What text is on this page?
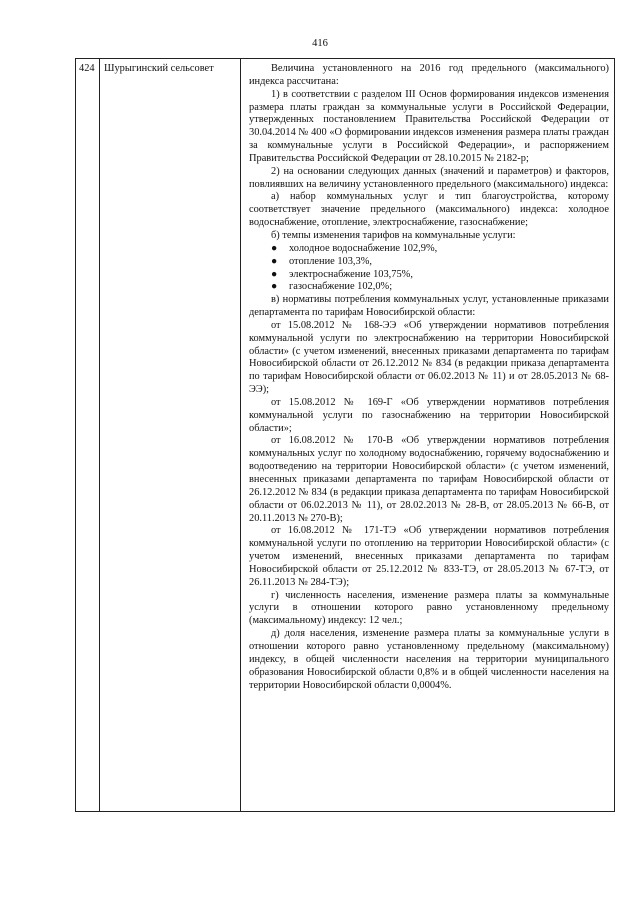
416
424	Шурыгинский сельсовет	Величина установленного на 2016 год предельного (максимального) индекса рассчитана:

1) в соответствии с разделом III Основ формирования индексов изменения размера платы граждан за коммунальные услуги в Российской Федерации, утвержденных постановлением Правительства Российской Федерации от 30.04.2014 № 400 «О формировании индексов изменения размера платы граждан за коммунальные услуги в Российской Федерации», и распоряжением Правительства Российской Федерации от 28.10.2015 № 2182-р;

2) на основании следующих данных (значений и параметров) и факторов, повлиявших на величину установленного предельного (максимального) индекса:

а) набор коммунальных услуг и тип благоустройства, которому соответствует значение предельного (максимального) индекса: холодное водоснабжение, отопление, электроснабжение, газоснабжение;

б) темпы изменения тарифов на коммунальные услуги:

● холодное водоснабжение 102,9%,
● отопление 103,3%,
● электроснабжение 103,75%,
● газоснабжение 102,0%;

в) нормативы потребления коммунальных услуг, установленные приказами департамента по тарифам Новосибирской области:

от 15.08.2012 № 168-ЭЭ «Об утверждении нормативов потребления коммунальной услуги по электроснабжению на территории Новосибирской области» (с учетом изменений, внесенных приказами департамента по тарифам Новосибирской области от 26.12.2012 № 834 (в редакции приказа департамента по тарифам Новосибирской области от 06.02.2013 № 11) и от 28.05.2013 № 68-ЭЭ);

от 15.08.2012 № 169-Г «Об утверждении нормативов потребления коммунальной услуги по газоснабжению на территории Новосибирской области»;

от 16.08.2012 № 170-В «Об утверждении нормативов потребления коммунальных услуг по холодному водоснабжению, горячему водоснабжению и водоотведению на территории Новосибирской области» (с учетом изменений, внесенных приказами департамента по тарифам Новосибирской области от 26.12.2012 № 834 (в редакции приказа департамента по тарифам Новосибирской области от 06.02.2013 № 11), от 28.02.2013 № 28-В, от 28.05.2013 № 66-В, от 20.11.2013 № 270-В);

от 16.08.2012 № 171-ТЭ «Об утверждении нормативов потребления коммунальной услуги по отоплению на территории Новосибирской области» (с учетом изменений, внесенных приказами департамента по тарифам Новосибирской области от 25.12.2012 № 833-ТЭ, от 28.05.2013 № 67-ТЭ, от 26.11.2013 № 284-ТЭ);

г) численность населения, изменение размера платы за коммунальные услуги в отношении которого равно установленному предельному (максимальному) индексу: 12 чел.;

д) доля населения, изменение размера платы за коммунальные услуги в отношении которого равно установленному предельному (максимальному) индексу, в общей численности населения на территории муниципального образования Новосибирской области 0,8% и в общей численности населения на территории Новосибирской области 0,0004%.
